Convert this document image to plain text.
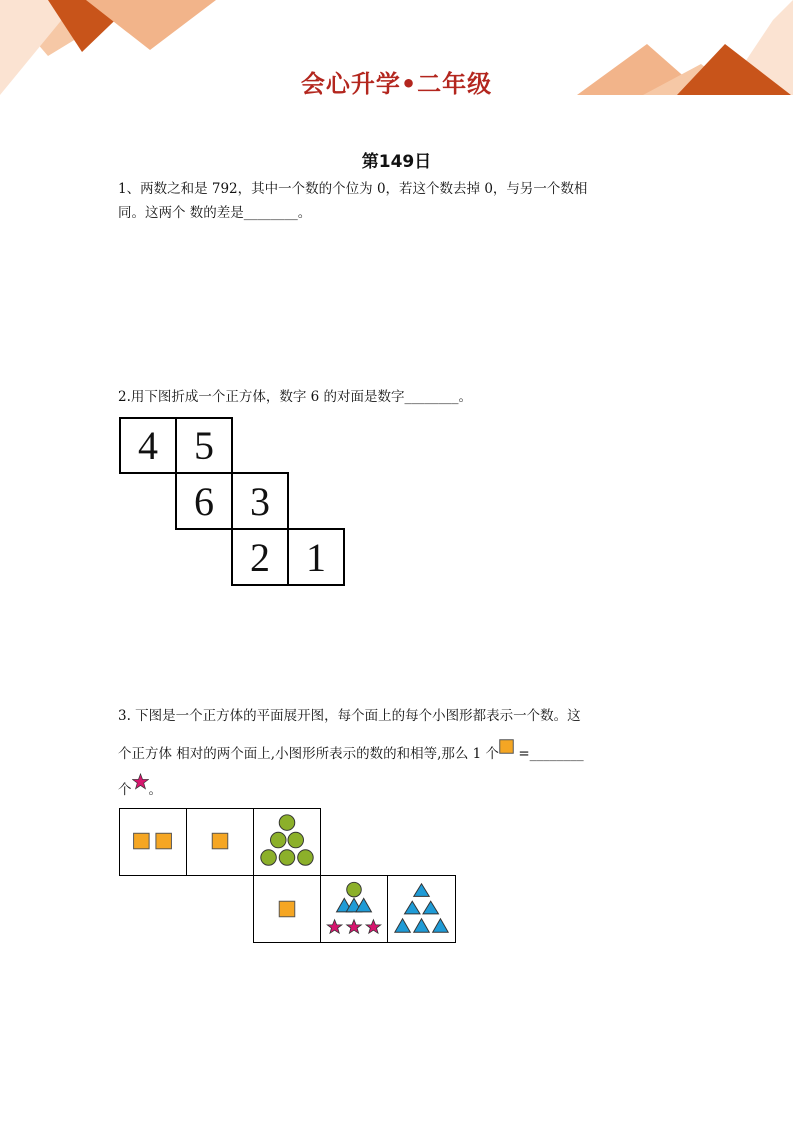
会心升学•二年级
第149日
1、两数之和是 792，其中一个数的个位为 0，若这个数去掉 0，与另一个数相
同。这两个 数的差是________。
2.用下图折成一个正方体，数字 6 的对面是数字________。
4 5
6 3
2 1
3. 下图是一个正方体的平面展开图，每个面上的每个小图形都表示一个数。这
个正方体 相对的两个面上,小图形所表示的数的和相等,那么 1 个 =________
个 。
